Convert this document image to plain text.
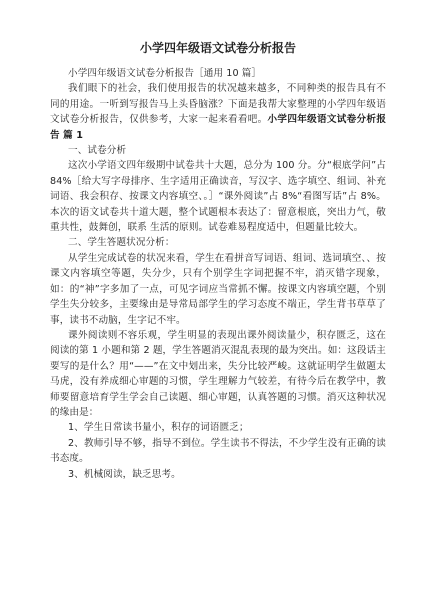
小学四年级语文试卷分析报告

小学四年级语文试卷分析报告［通用 10 篇］

我们眼下的社会，我们使用报告的状况越来越多，不同种类的报告具有不同的用途。一听到写报告马上头昏脑涨？下面是我帮大家整理的小学四年级语文试卷分析报告，仅供参考，大家一起来看看吧。小学四年级语文试卷分析报告 篇 1

一、试卷分析

这次小学语文四年级期中试卷共十大题，总分为 100 分。分“根底学问”占 84%［给大写字母排序、生字适用正确读音，写汉字、选字填空、组词、补充词语、我会积存、按课文内容填空、。］“课外阅读”占 8%“看图写话”占 8%。本次的语文试卷共十道大题，整个试题根本表达了：留意根底，突出力气，敬重共性，鼓舞创，联系 生活的原则。试卷难易程度适中，但题量比较大。

二、学生答题状况分析：

从学生完成试卷的状况来看，学生在看拼音写词语、组词、选词填空、、按课文内容填空等题，失分少，只有个别学生字词把握不牢，消灭错字现象，如：的“神”字多加了一点，可见字词应当常抓不懈。按课文内容填空题，个别学生失分较多，主要缘由是导常局部学生的学习态度不端正，学生背书草草了事，读书不动脑，生字记不牢。

课外阅读则不容乐观，学生明显的表现出课外阅读量少，积存匮乏，这在阅读的第 1 小题和第 2 题，学生答题消灭混乱表现的最为突出。如：这段话主要写的是什么？用“——”在文中划出来，失分比较严峻。这就证明学生做题太马虎，没有养成细心审题的习惯，学生理解力气较差，有待今后在教学中，教师要留意培育学生学会自己读题、细心审题，认真答题的习惯。消灭这种状况的缘由是：

1、学生日常读书量小，积存的词语匮乏；

2、教师引导不够，指导不到位。学生读书不得法，不少学生没有正确的读书态度。

3、机械阅读，缺乏思考。
